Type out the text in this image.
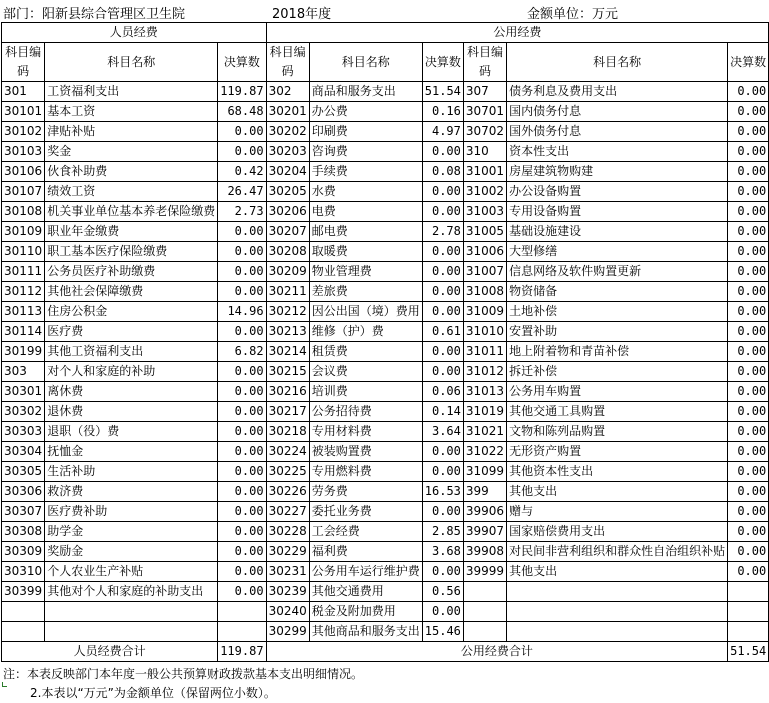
部门：阳新县综合管理区卫生院	2018年度	金额单位：万元
人员经费			公用经费					
科目编码	科目名称	决算数	科目编码	科目名称	决算数	科目编码	科目名称	决算数
301	工资福利支出	119.87	302	商品和服务支出	51.54	307	债务利息及费用支出	0.00
30101	基本工资	68.48	30201	办公费	0.16	30701	国内债务付息	0.00
30102	津贴补贴	0.00	30202	印刷费	4.97	30702	国外债务付息	0.00
30103	奖金	0.00	30203	咨询费	0.00	310	资本性支出	0.00
30106	伙食补助费	0.42	30204	手续费	0.08	31001	房屋建筑物购建	0.00
30107	绩效工资	26.47	30205	水费	0.00	31002	办公设备购置	0.00
30108	机关事业单位基本养老保险缴费	2.73	30206	电费	0.00	31003	专用设备购置	0.00
30109	职业年金缴费	0.00	30207	邮电费	2.78	31005	基础设施建设	0.00
30110	职工基本医疗保险缴费	0.00	30208	取暖费	0.00	31006	大型修缮	0.00
30111	公务员医疗补助缴费	0.00	30209	物业管理费	0.00	31007	信息网络及软件购置更新	0.00
30112	其他社会保障缴费	0.00	30211	差旅费	0.00	31008	物资储备	0.00
30113	住房公积金	14.96	30212	因公出国（境）费用	0.00	31009	土地补偿	0.00
30114	医疗费	0.00	30213	维修（护）费	0.61	31010	安置补助	0.00
30199	其他工资福利支出	6.82	30214	租赁费	0.00	31011	地上附着物和青苗补偿	0.00
303	对个人和家庭的补助	0.00	30215	会议费	0.00	31012	拆迁补偿	0.00
30301	离休费	0.00	30216	培训费	0.06	31013	公务用车购置	0.00
30302	退休费	0.00	30217	公务招待费	0.14	31019	其他交通工具购置	0.00
30303	退职（役）费	0.00	30218	专用材料费	3.64	31021	文物和陈列品购置	0.00
30304	抚恤金	0.00	30224	被装购置费	0.00	31022	无形资产购置	0.00
30305	生活补助	0.00	30225	专用燃料费	0.00	31099	其他资本性支出	0.00
30306	救济费	0.00	30226	劳务费	16.53	399	其他支出	0.00
30307	医疗费补助	0.00	30227	委托业务费	0.00	39906	赠与	0.00
30308	助学金	0.00	30228	工会经费	2.85	39907	国家赔偿费用支出	0.00
30309	奖励金	0.00	30229	福利费	3.68	39908	对民间非营利组织和群众性自治组织补贴	0.00
30310	个人农业生产补贴	0.00	30231	公务用车运行维护费	0.00	39999	其他支出	0.00
30399	其他对个人和家庭的补助支出	0.00	30239	其他交通费用	0.56			
			30240	税金及附加费用	0.00			
			30299	其他商品和服务支出	15.46			
人员经费合计		119.87	公用经费合计					51.54
注：本表反映部门本年度一般公共预算财政拨款基本支出明细情况。
2.本表以“万元”为金额单位（保留两位小数）。
